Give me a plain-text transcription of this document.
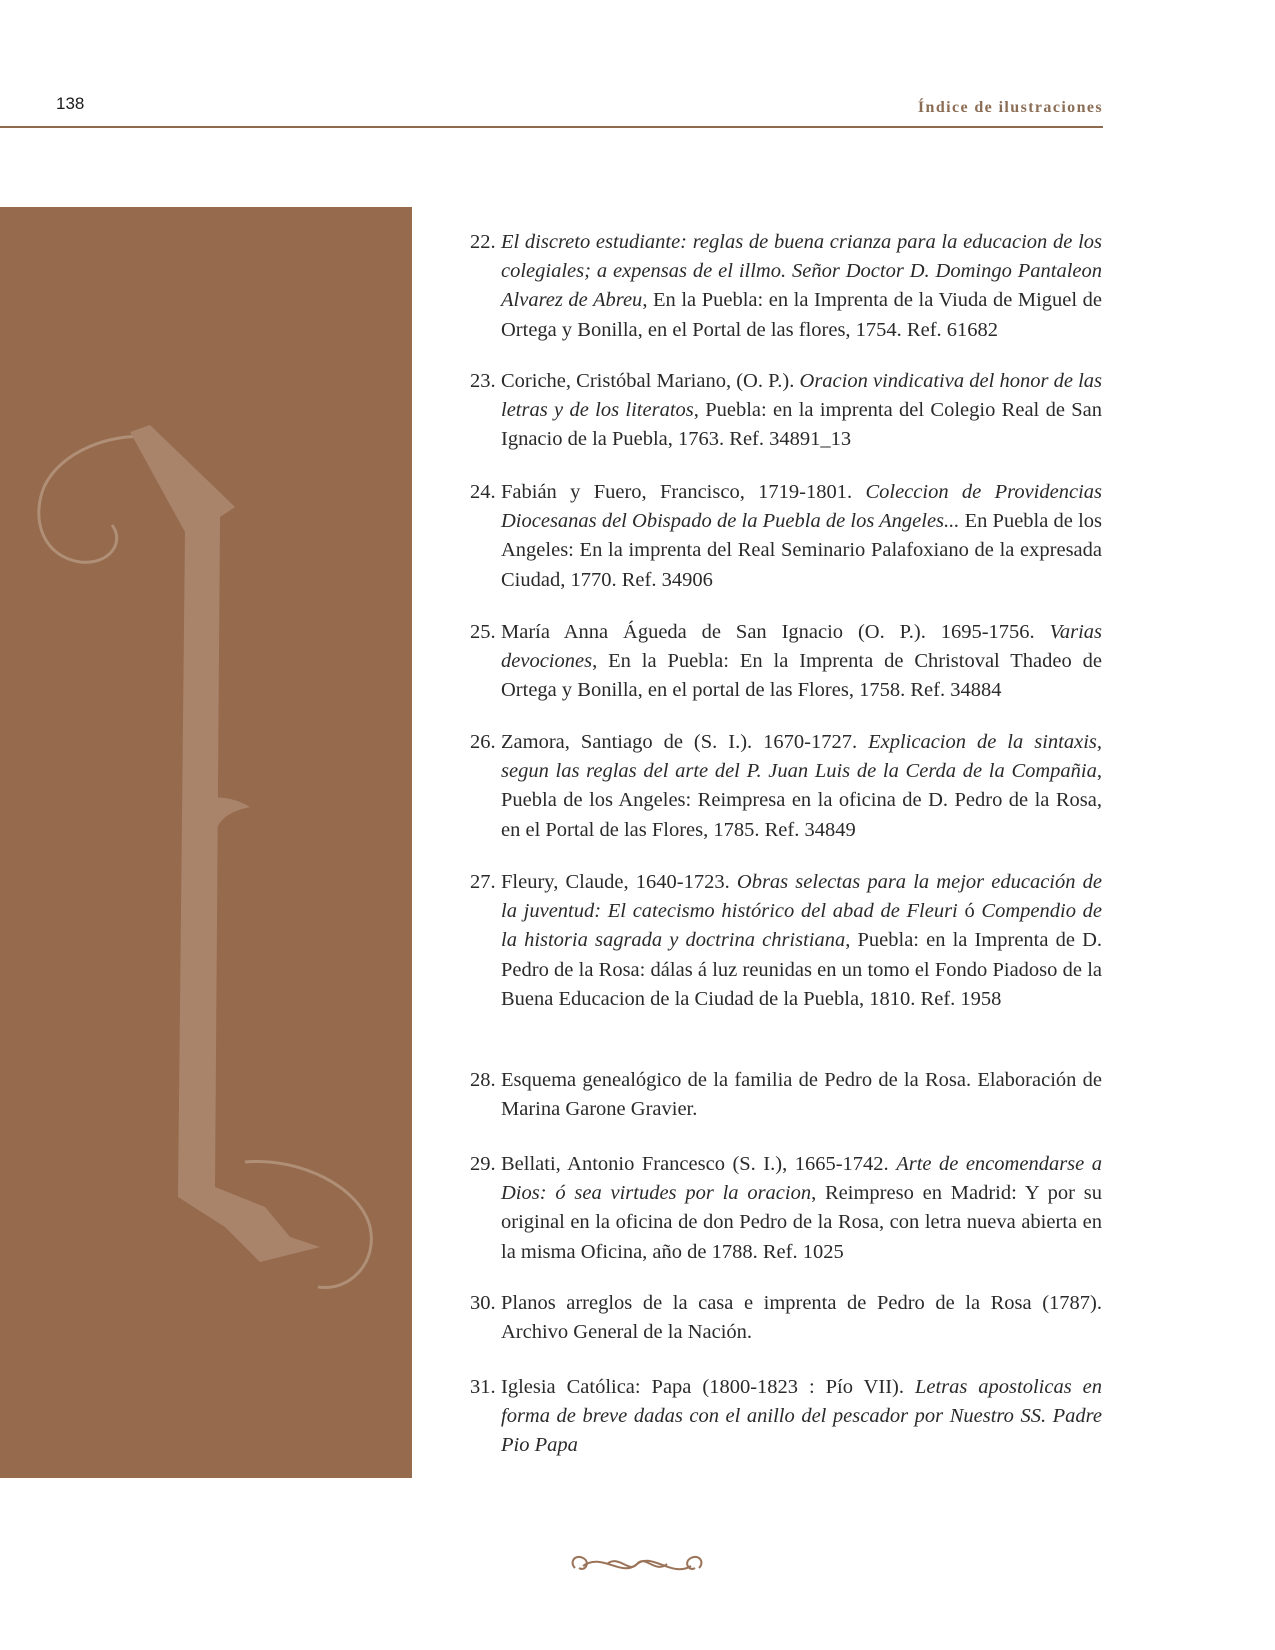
138	Índice de ilustraciones

22. El discreto estudiante: reglas de buena crianza para la educacion de los colegiales; a expensas de el illmo. Señor Doctor D. Domingo Pantaleon Alvarez de Abreu, En la Puebla: en la Imprenta de la Viuda de Miguel de Ortega y Bonilla, en el Portal de las flores, 1754. Ref. 61682

23. Coriche, Cristóbal Mariano, (O. P.). Oracion vindicativa del honor de las letras y de los literatos, Puebla: en la imprenta del Colegio Real de San Ignacio de la Puebla, 1763. Ref. 34891_13

24. Fabián y Fuero, Francisco, 1719-1801. Coleccion de Providencias Diocesanas del Obispado de la Puebla de los Angeles... En Puebla de los Angeles: En la imprenta del Real Seminario Palafoxiano de la expresada Ciudad, 1770. Ref. 34906

25. María Anna Águeda de San Ignacio (O. P.). 1695-1756. Varias devociones, En la Puebla: En la Imprenta de Christoval Thadeo de Ortega y Bonilla, en el portal de las Flores, 1758. Ref. 34884

26. Zamora, Santiago de (S. I.). 1670-1727. Explicacion de la sintaxis, segun las reglas del arte del P. Juan Luis de la Cerda de la Compañia, Puebla de los Angeles: Reimpresa en la oficina de D. Pedro de la Rosa, en el Portal de las Flores, 1785. Ref. 34849

27. Fleury, Claude, 1640-1723. Obras selectas para la mejor educación de la juventud: El catecismo histórico del abad de Fleuri ó Compendio de la historia sagrada y doctrina christiana, Puebla: en la Imprenta de D. Pedro de la Rosa: dálas á luz reunidas en un tomo el Fondo Piadoso de la Buena Educacion de la Ciudad de la Puebla, 1810. Ref. 1958

28. Esquema genealógico de la familia de Pedro de la Rosa. Elaboración de Marina Garone Gravier.

29. Bellati, Antonio Francesco (S. I.), 1665-1742. Arte de encomendarse a Dios: ó sea virtudes por la oracion, Reimpreso en Madrid: Y por su original en la oficina de don Pedro de la Rosa, con letra nueva abierta en la misma Oficina, año de 1788. Ref. 1025

30. Planos arreglos de la casa e imprenta de Pedro de la Rosa (1787). Archivo General de la Nación.

31. Iglesia Católica: Papa (1800-1823 : Pío VII). Letras apostolicas en forma de breve dadas con el anillo del pescador por Nuestro SS. Padre Pio Papa
